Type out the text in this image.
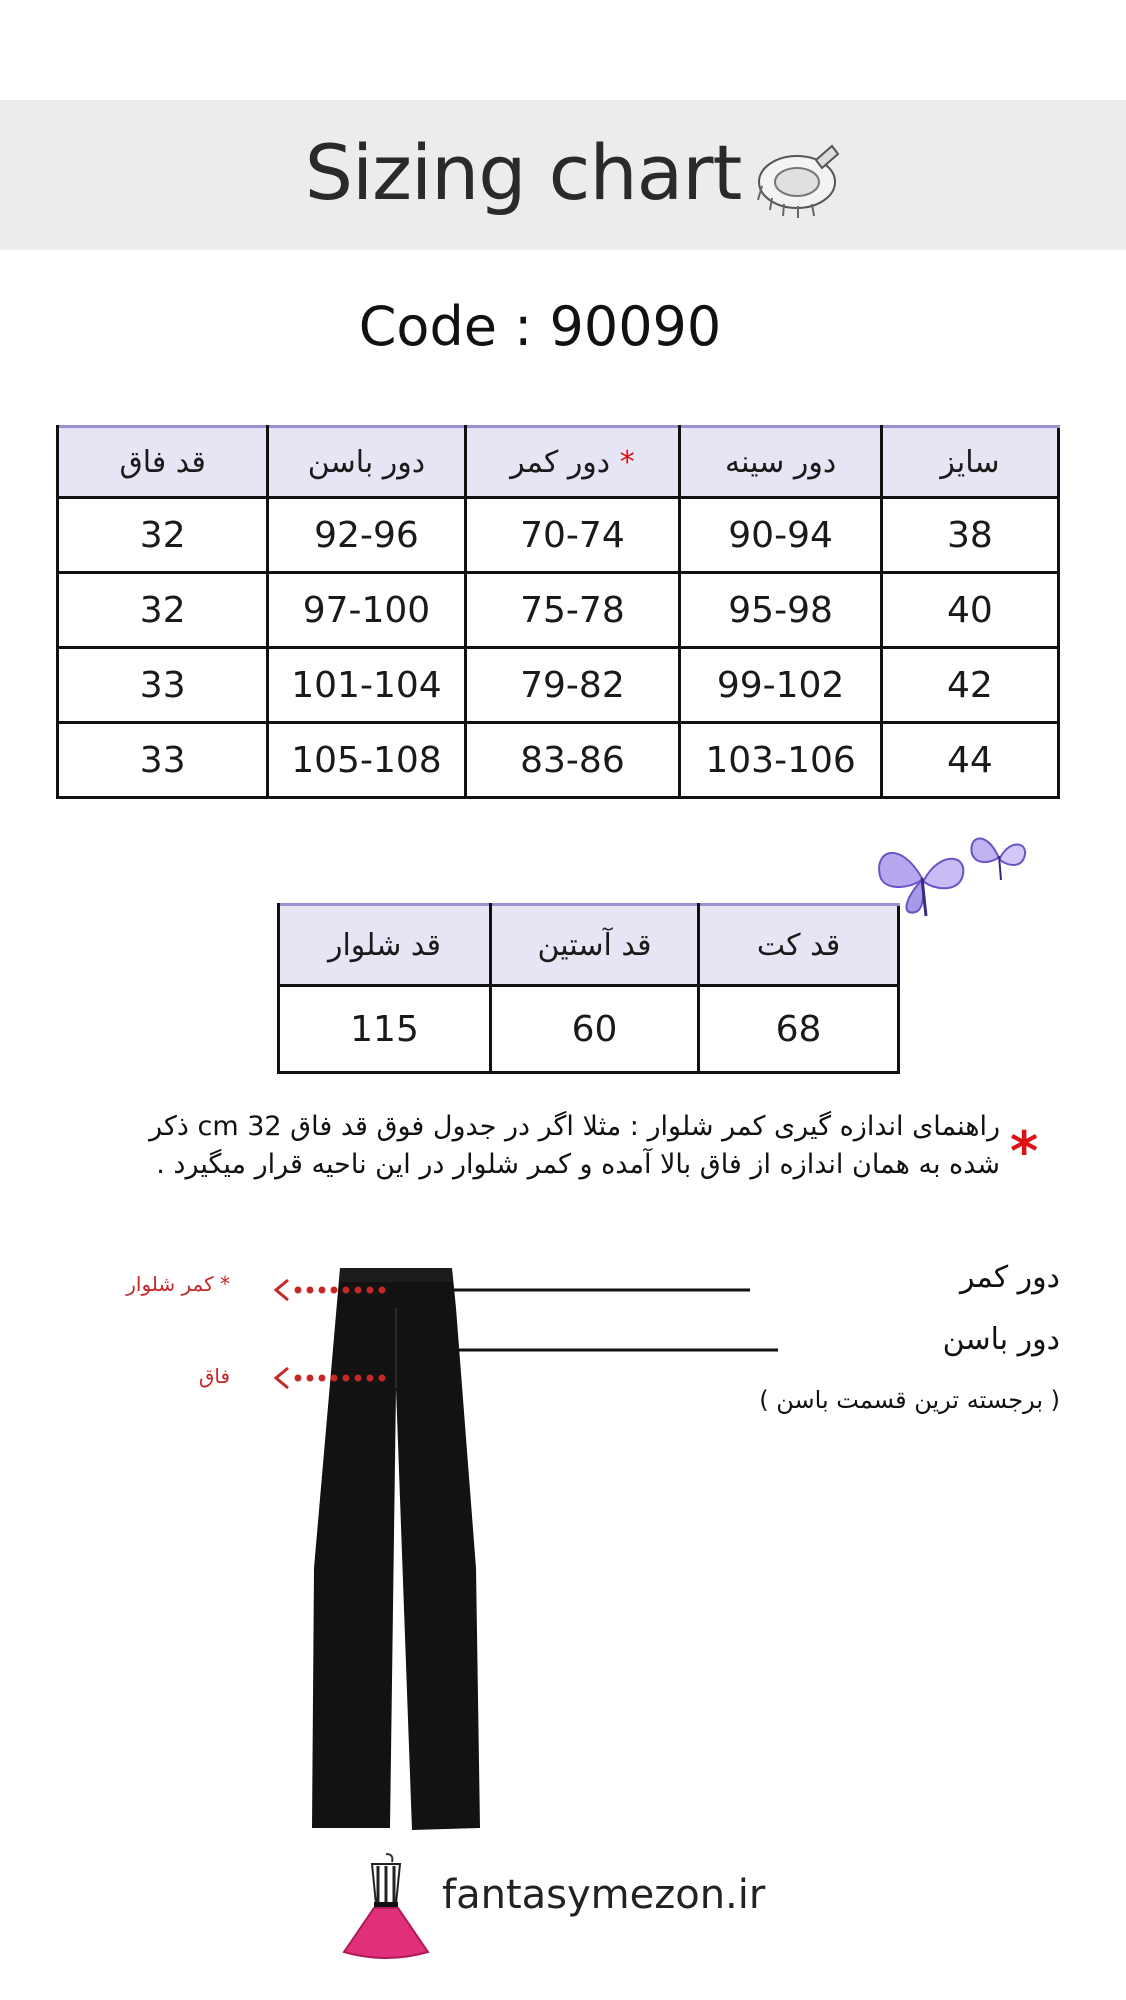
Sizing chart
Code : 90090
سایز	دور سینه	* دور کمر	دور باسن	قد فاق
38	90-94	70-74	92-96	32
40	95-98	75-78	97-100	32
42	99-102	79-82	101-104	33
44	103-106	83-86	105-108	33
قد کت	قد آستین	قد شلوار
68	60	115
*
راهنمای اندازه گیری کمر شلوار : مثلا اگر در جدول فوق قد فاق 32 cm ذکر
شده به همان اندازه از فاق بالا آمده و کمر شلوار در این ناحیه قرار میگیرد .
دور کمر
دور باسن
( برجسته ترین قسمت باسن )
* کمر شلوار
فاق
fantasymezon.ir
